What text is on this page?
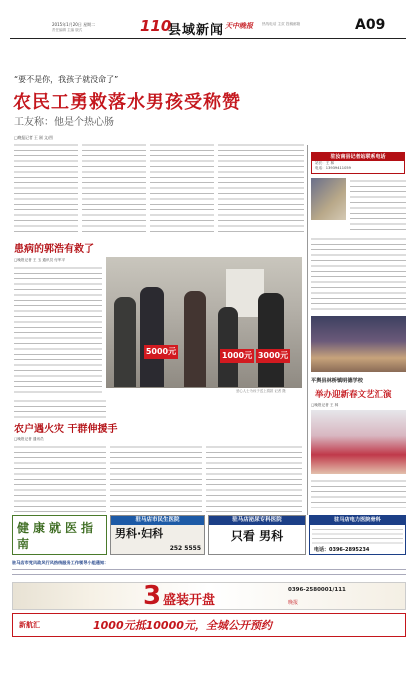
2015年1月20日 星期二
责任编辑 主编 版式	110
县域新闻 天中晚报	热线电话 主页 投稿邮箱	A09
“要不是你，我孩子就没命了”
农民工勇救落水男孩受称赞
工友称：他是个热心肠
□晚报记者 王 刚 文/图
驻汝南县记者站联系电话
站长：王 林
电话：13939411059
平舆县林桥镇明德学校
举办迎新春文艺汇演
□晚报记者 王 林
患病的郭浩有救了
□晚报记者 王 玉 通讯员 付军平
5000元	1000元 3000元
爱心人士为孩子送上捐款 记者 摄
农户遇火灾 干群伸援手
□晚报记者 通讯员
健康就医指南
驻马店市民生医院
男科·妇科
252 5555
驻马店泌尿专科医院
只看 男科
驻马店电力医院骨科
电话：0396-2895234
驻马店市党风政风行风热线服务工作领导小组通知：
3 盛装开盘
0396-2580001/111
晚报
新航汇	1000元抵10000元，全城公开预约
